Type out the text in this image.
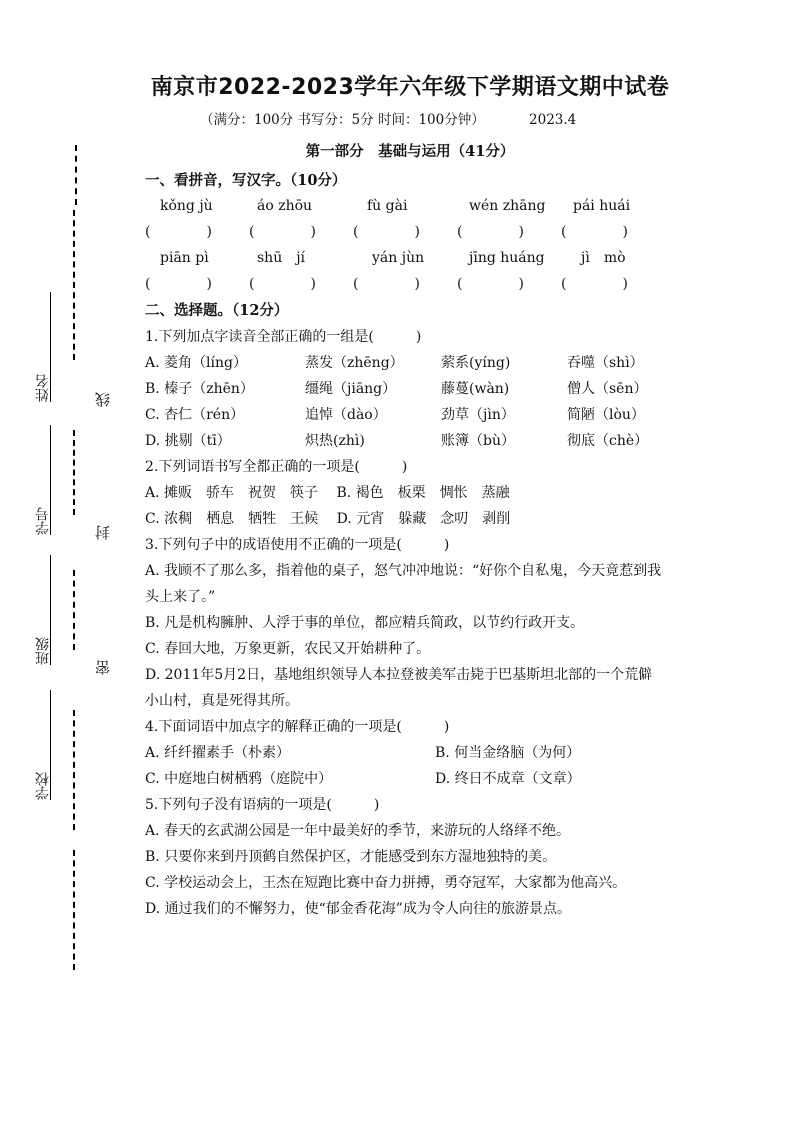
线
封
密
姓名
学号
班级
学校
南京市2022-2023学年六年级下学期语文期中试卷
（满分：100分 书写分：5分 时间：100分钟）	2023.4
第一部分　基础与运用（41分）
一、看拼音，写汉字。（10分）
kǒng jù	áo zhōu	fù gài	wén zhāng	pái huái
(　　　　)	(　　　　)	(　　　　)	(　　　　)	(　　　　)
piān pì	shū　jí	yán jùn	jīng huáng	jì　mò
(　　　　)	(　　　　)	(　　　　)	(　　　　)	(　　　　)
二、选择题。（12分）
1.下列加点字读音全部正确的一组是(　　　)
A. 菱角（líng）	蒸发（zhēng）	萦系(yíng)	吞噬（shì）
B. 榛子（zhēn）	缰绳（jiāng）	藤蔓(wàn)	僧人（sēn）
C. 杏仁（rén）	追悼（dào）	劲草（jìn）	简陋（lòu）
D. 挑剔（tī）	炽热(zhì)	账簿（bù）	彻底（chè）
2.下列词语书写全都正确的一项是(　　　)
A. 摊贩　骄车　祝贺　筷子　 B. 褐色　板栗　惆怅　蒸融
C. 浓稠　栖息　牺牲　王候　 D. 元宵　躲藏　念叨　剥削
3.下列句子中的成语使用不正确的一项是(　　　)
A. 我顾不了那么多，指着他的桌子，怒气冲冲地说：“好你个自私鬼，今天竟惹到我头上来了。”
B. 凡是机构臃肿、人浮于事的单位，都应精兵简政，以节约行政开支。
C. 春回大地，万象更新，农民又开始耕种了。
D. 2011年5月2日，基地组织领导人本拉登被美军击毙于巴基斯坦北部的一个荒僻小山村，真是死得其所。
4.下面词语中加点字的解释正确的一项是(　　　)
A. 纤纤擢素手（朴素）	B. 何当金络脑（为何）
C. 中庭地白树栖鸦（庭院中）	D. 终日不成章（文章）
5.下列句子没有语病的一项是(　　　)
A. 春天的玄武湖公园是一年中最美好的季节，来游玩的人络绎不绝。
B. 只要你来到丹顶鹤自然保护区，才能感受到东方湿地独特的美。
C. 学校运动会上，王杰在短跑比赛中奋力拼搏，勇夺冠军，大家都为他高兴。
D. 通过我们的不懈努力，使“郁金香花海”成为令人向往的旅游景点。
